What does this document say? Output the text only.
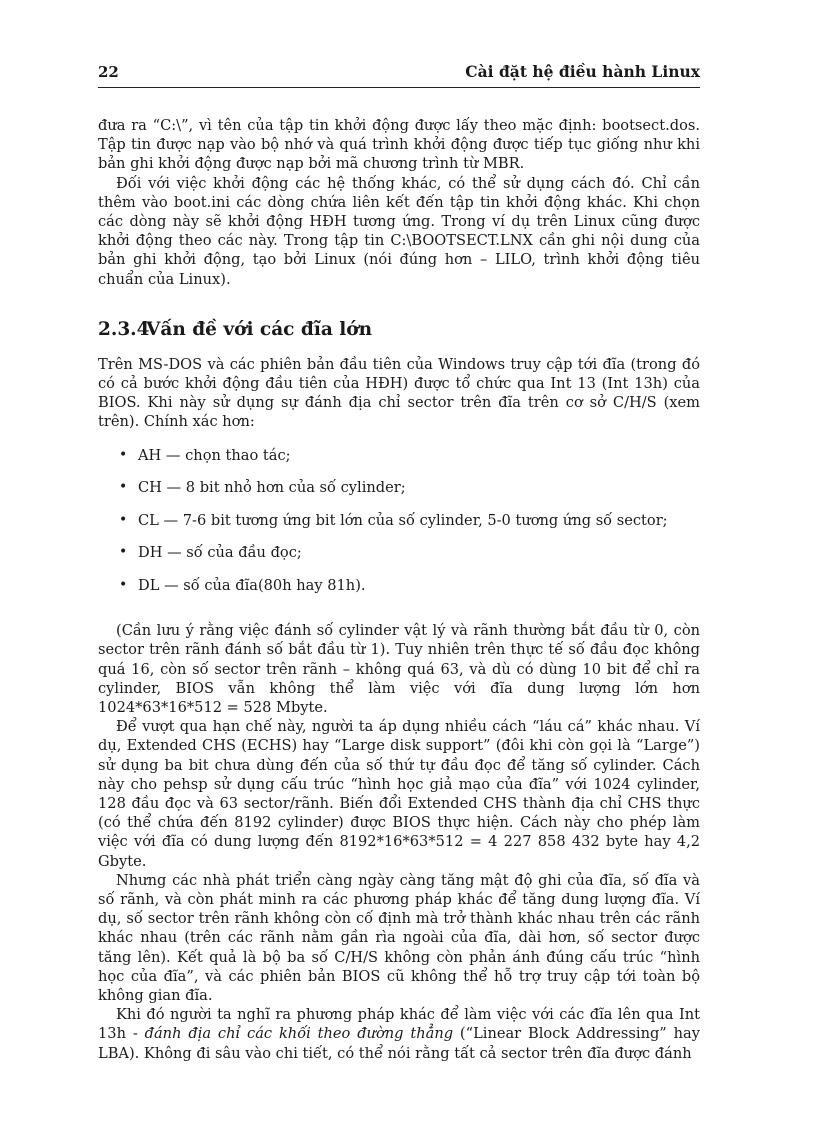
22	Cài đặt hệ điều hành Linux

đưa ra “C:\”, vì tên của tập tin khởi động được lấy theo mặc định: bootsect.dos. Tập tin được nạp vào bộ nhớ và quá trình khởi động được tiếp tục giống như khi bản ghi khởi động được nạp bởi mã chương trình từ MBR.

Đối với việc khởi động các hệ thống khác, có thể sử dụng cách đó. Chỉ cần thêm vào boot.ini các dòng chứa liên kết đến tập tin khởi động khác. Khi chọn các dòng này sẽ khởi động HĐH tương ứng. Trong ví dụ trên Linux cũng được khởi động theo các này. Trong tập tin C:\BOOTSECT.LNX cần ghi nội dung của bản ghi khởi động, tạo bởi Linux (nói đúng hơn – LILO, trình khởi động tiêu chuẩn của Linux).

2.3.4Vấn đề với các đĩa lớn

Trên MS-DOS và các phiên bản đầu tiên của Windows truy cập tới đĩa (trong đó có cả bước khởi động đầu tiên của HĐH) được tổ chức qua Int 13 (Int 13h) của BIOS. Khi này sử dụng sự đánh địa chỉ sector trên đĩa trên cơ sở C/H/S (xem trên). Chính xác hơn:

• AH — chọn thao tác;
• CH — 8 bit nhỏ hơn của số cylinder;
• CL — 7-6 bit tương ứng bit lớn của số cylinder, 5-0 tương ứng số sector;
• DH — số của đầu đọc;
• DL — số của đĩa(80h hay 81h).

(Cần lưu ý rằng việc đánh số cylinder vật lý và rãnh thường bắt đầu từ 0, còn sector trên rãnh đánh số bắt đầu từ 1). Tuy nhiên trên thực tế số đầu đọc không quá 16, còn số sector trên rãnh – không quá 63, và dù có dùng 10 bit để chỉ ra cylinder, BIOS vẫn không thể làm việc với đĩa dung lượng lớn hơn 1024*63*16*512 = 528 Mbyte.

Để vượt qua hạn chế này, người ta áp dụng nhiều cách “láu cá” khác nhau. Ví dụ, Extended CHS (ECHS) hay “Large disk support” (đôi khi còn gọi là “Large”) sử dụng ba bit chưa dùng đến của số thứ tự đầu đọc để tăng số cylinder. Cách này cho pehsp sử dụng cấu trúc “hình học giả mạo của đĩa” với 1024 cylinder, 128 đầu đọc và 63 sector/rãnh. Biến đổi Extended CHS thành địa chỉ CHS thực (có thể chứa đến 8192 cylinder) được BIOS thực hiện. Cách này cho phép làm việc với đĩa có dung lượng đến 8192*16*63*512 = 4 227 858 432 byte hay 4,2 Gbyte.

Nhưng các nhà phát triển càng ngày càng tăng mật độ ghi của đĩa, số đĩa và số rãnh, và còn phát minh ra các phương pháp khác để tăng dung lượng đĩa. Ví dụ, số sector trên rãnh không còn cố định mà trở thành khác nhau trên các rãnh khác nhau (trên các rãnh nằm gần rìa ngoài của đĩa, dài hơn, số sector được tăng lên). Kết quả là bộ ba số C/H/S không còn phản ánh đúng cấu trúc “hình học của đĩa”, và các phiên bản BIOS cũ không thể hỗ trợ truy cập tới toàn bộ không gian đĩa.

Khi đó người ta nghĩ ra phương pháp khác để làm việc với các đĩa lên qua Int 13h - đánh địa chỉ các khối theo đường thẳng (“Linear Block Addressing” hay LBA). Không đi sâu vào chi tiết, có thể nói rằng tất cả sector trên đĩa được đánh
